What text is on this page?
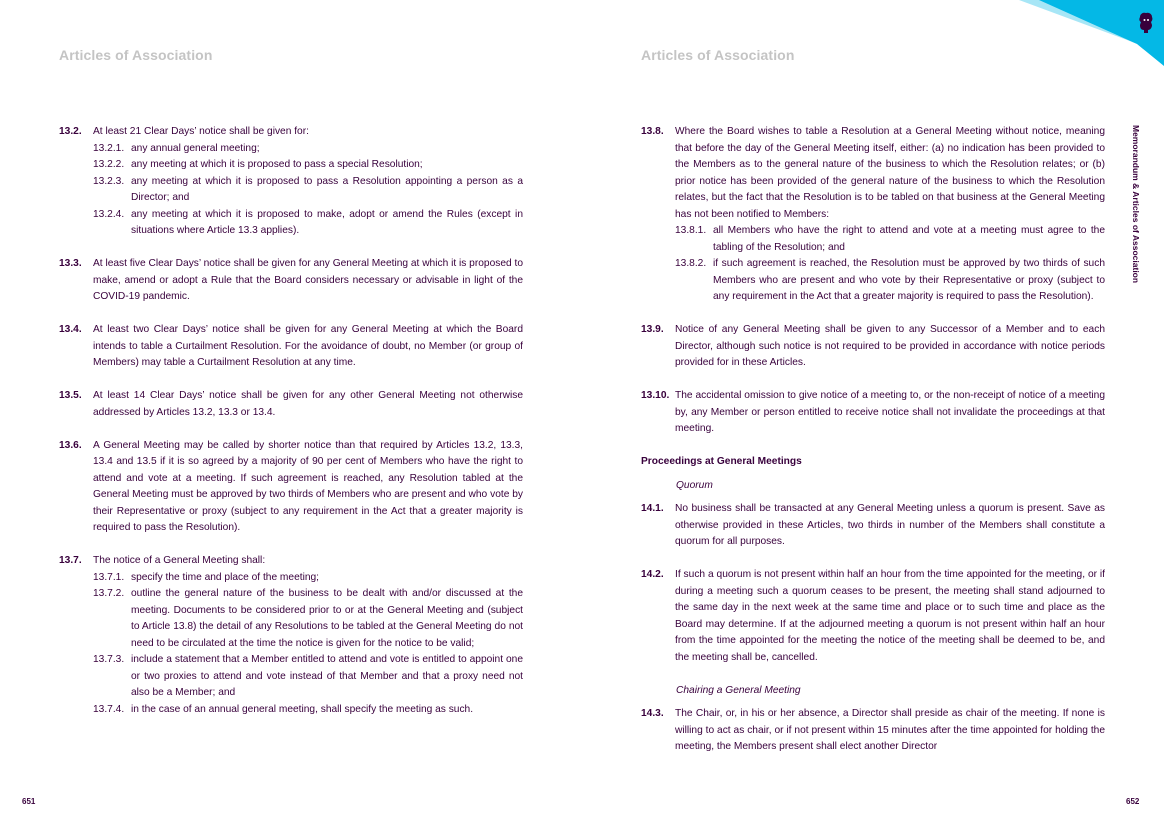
Articles of Association	Articles of Association
Memorandum & Articles of Association
13.2.	At least 21 Clear Days’ notice shall be given for:
13.2.1. any annual general meeting;
13.2.2. any meeting at which it is proposed to pass a special Resolution;
13.2.3. any meeting at which it is proposed to pass a Resolution appointing a person as a Director; and
13.2.4. any meeting at which it is proposed to make, adopt or amend the Rules (except in situations where Article 13.3 applies).
13.3.	At least five Clear Days’ notice shall be given for any General Meeting at which it is proposed to make, amend or adopt a Rule that the Board considers necessary or advisable in light of the COVID-19 pandemic.
13.4.	At least two Clear Days’ notice shall be given for any General Meeting at which the Board intends to table a Curtailment Resolution. For the avoidance of doubt, no Member (or group of Members) may table a Curtailment Resolution at any time.
13.5.	At least 14 Clear Days’ notice shall be given for any other General Meeting not otherwise addressed by Articles 13.2, 13.3 or 13.4.
13.6.	A General Meeting may be called by shorter notice than that required by Articles 13.2, 13.3, 13.4 and 13.5 if it is so agreed by a majority of 90 per cent of Members who have the right to attend and vote at a meeting. If such agreement is reached, any Resolution tabled at the General Meeting must be approved by two thirds of Members who are present and who vote by their Representative or proxy (subject to any requirement in the Act that a greater majority is required to pass the Resolution).
13.7.	The notice of a General Meeting shall:
13.7.1. specify the time and place of the meeting;
13.7.2. outline the general nature of the business to be dealt with and/or discussed at the meeting. Documents to be considered prior to or at the General Meeting and (subject to Article 13.8) the detail of any Resolutions to be tabled at the General Meeting do not need to be circulated at the time the notice is given for the notice to be valid;
13.7.3. include a statement that a Member entitled to attend and vote is entitled to appoint one or two proxies to attend and vote instead of that Member and that a proxy need not also be a Member; and
13.7.4. in the case of an annual general meeting, shall specify the meeting as such.
13.8.	Where the Board wishes to table a Resolution at a General Meeting without notice, meaning that before the day of the General Meeting itself, either: (a) no indication has been provided to the Members as to the general nature of the business to which the Resolution relates; or (b) prior notice has been provided of the general nature of the business to which the Resolution relates, but the fact that the Resolution is to be tabled on that business at the General Meeting has not been notified to Members:
13.8.1. all Members who have the right to attend and vote at a meeting must agree to the tabling of the Resolution; and
13.8.2. if such agreement is reached, the Resolution must be approved by two thirds of such Members who are present and who vote by their Representative or proxy (subject to any requirement in the Act that a greater majority is required to pass the Resolution).
13.9.	Notice of any General Meeting shall be given to any Successor of a Member and to each Director, although such notice is not required to be provided in accordance with notice periods provided for in these Articles.
13.10. The accidental omission to give notice of a meeting to, or the non-receipt of notice of a meeting by, any Member or person entitled to receive notice shall not invalidate the proceedings at that meeting.
Proceedings at General Meetings
Quorum
14.1.	No business shall be transacted at any General Meeting unless a quorum is present. Save as otherwise provided in these Articles, two thirds in number of the Members shall constitute a quorum for all purposes.
14.2.	If such a quorum is not present within half an hour from the time appointed for the meeting, or if during a meeting such a quorum ceases to be present, the meeting shall stand adjourned to the same day in the next week at the same time and place or to such time and place as the Board may determine. If at the adjourned meeting a quorum is not present within half an hour from the time appointed for the meeting the notice of the meeting shall be deemed to be, and the meeting shall be, cancelled.
Chairing a General Meeting
14.3.	The Chair, or, in his or her absence, a Director shall preside as chair of the meeting. If none is willing to act as chair, or if not present within 15 minutes after the time appointed for holding the meeting, the Members present shall elect another Director
651	652
